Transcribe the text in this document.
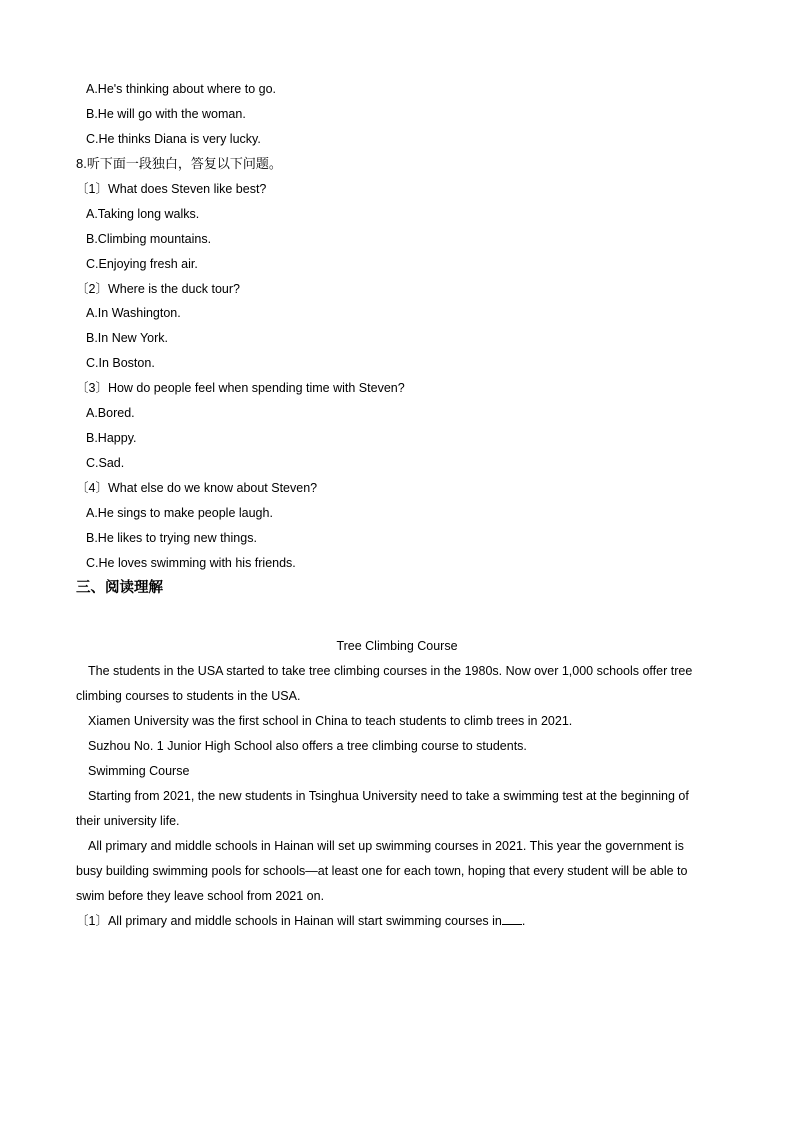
A.He's thinking about where to go.
B.He will go with the woman.
C.He thinks Diana is very lucky.
8.听下面一段独白，答复以下问题。
〔1〕What does Steven like best?
A.Taking long walks.
B.Climbing mountains.
C.Enjoying fresh air.
〔2〕Where is the duck tour?
A.In Washington.
B.In New York.
C.In Boston.
〔3〕How do people feel when spending time with Steven?
A.Bored.
B.Happy.
C.Sad.
〔4〕What else do we know about Steven?
A.He sings to make people laugh.
B.He likes to trying new things.
C.He loves swimming with his friends.
三、阅读理解
Tree Climbing Course
The students in the USA started to take tree climbing courses in the 1980s. Now over 1,000 schools offer tree
climbing courses to students in the USA.
Xiamen University was the first school in China to teach students to climb trees in 2021.
Suzhou No. 1 Junior High School also offers a tree climbing course to students.
Swimming Course
Starting from 2021, the new students in Tsinghua University need to take a swimming test at the beginning of
their university life.
All primary and middle schools in Hainan will set up swimming courses in 2021. This year the government is
busy building swimming pools for schools—at least one for each town, hoping that every student will be able to
swim before they leave school from 2021 on.
〔1〕All primary and middle schools in Hainan will start swimming courses in .
